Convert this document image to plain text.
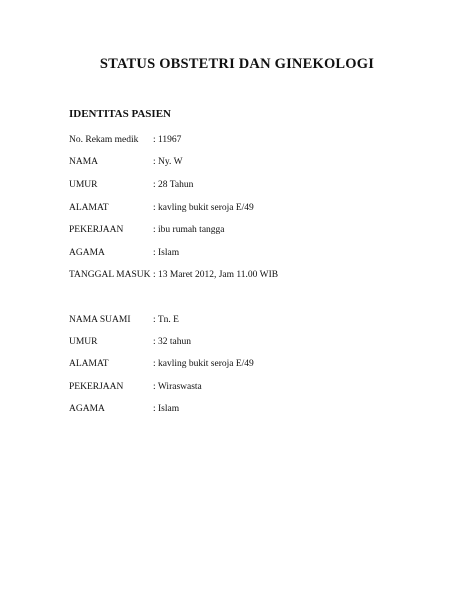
STATUS OBSTETRI DAN GINEKOLOGI
IDENTITAS PASIEN
No. Rekam medik : 11967
NAMA	: Ny. W
UMUR	: 28 Tahun
ALAMAT	: kavling bukit seroja E/49
PEKERJAAN	: ibu rumah tangga
AGAMA	: Islam
TANGGAL MASUK : 13 Maret 2012, Jam 11.00 WIB
NAMA SUAMI : Tn. E
UMUR	: 32 tahun
ALAMAT	: kavling bukit seroja E/49
PEKERJAAN	: Wiraswasta
AGAMA	: Islam
